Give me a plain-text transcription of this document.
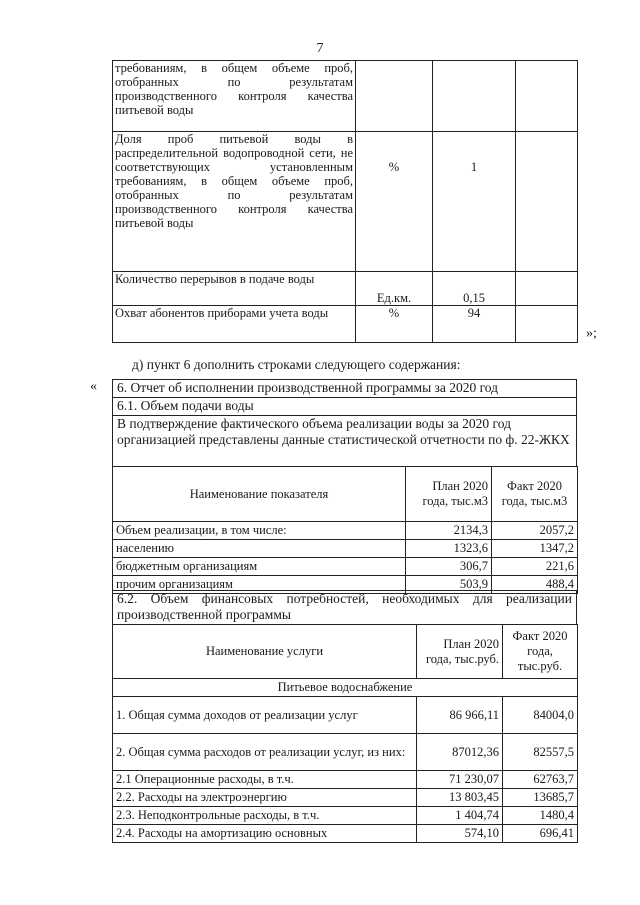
7
требованиям, в общем объеме проб, отобранных по результатам производственного контроля качества питьевой воды			
Доля проб питьевой воды в распределительной водопроводной сети, не соответствующих установленным требованиям, в общем объеме проб, отобранных по результатам производственного контроля качества питьевой воды	%	1	
Количество перерывов в подаче воды	Ед.км.	0,15	
Охват абонентов приборами учета воды	%	94	
»;
д) пункт 6 дополнить строками следующего содержания:
«	6. Отчет об исполнении производственной программы за 2020 год
6.1. Объем подачи воды
В подтверждение фактического объема реализации воды за 2020 год организацией представлены данные статистической отчетности по ф. 22-ЖКХ
Наименование показателя	План 2020 года, тыс.м3	Факт 2020 года, тыс.м3
Объем реализации, в том числе:	2134,3	2057,2
населению	1323,6	1347,2
бюджетным организациям	306,7	221,6
прочим организациям	503,9	488,4
6.2. Объем финансовых потребностей, необходимых для реализации производственной программы
Наименование услуги	План 2020 года, тыс.руб.	Факт 2020 года, тыс.руб.
Питьевое водоснабжение		
1. Общая сумма доходов от реализации услуг	86 966,11	84004,0
2. Общая сумма расходов от реализации услуг, из них:	87012,36	82557,5
2.1 Операционные расходы, в т.ч.	71 230,07	62763,7
2.2. Расходы на электроэнергию	13 803,45	13685,7
2.3. Неподконтрольные расходы, в т.ч.	1 404,74	1480,4
2.4. Расходы на амортизацию основных	574,10	696,41
